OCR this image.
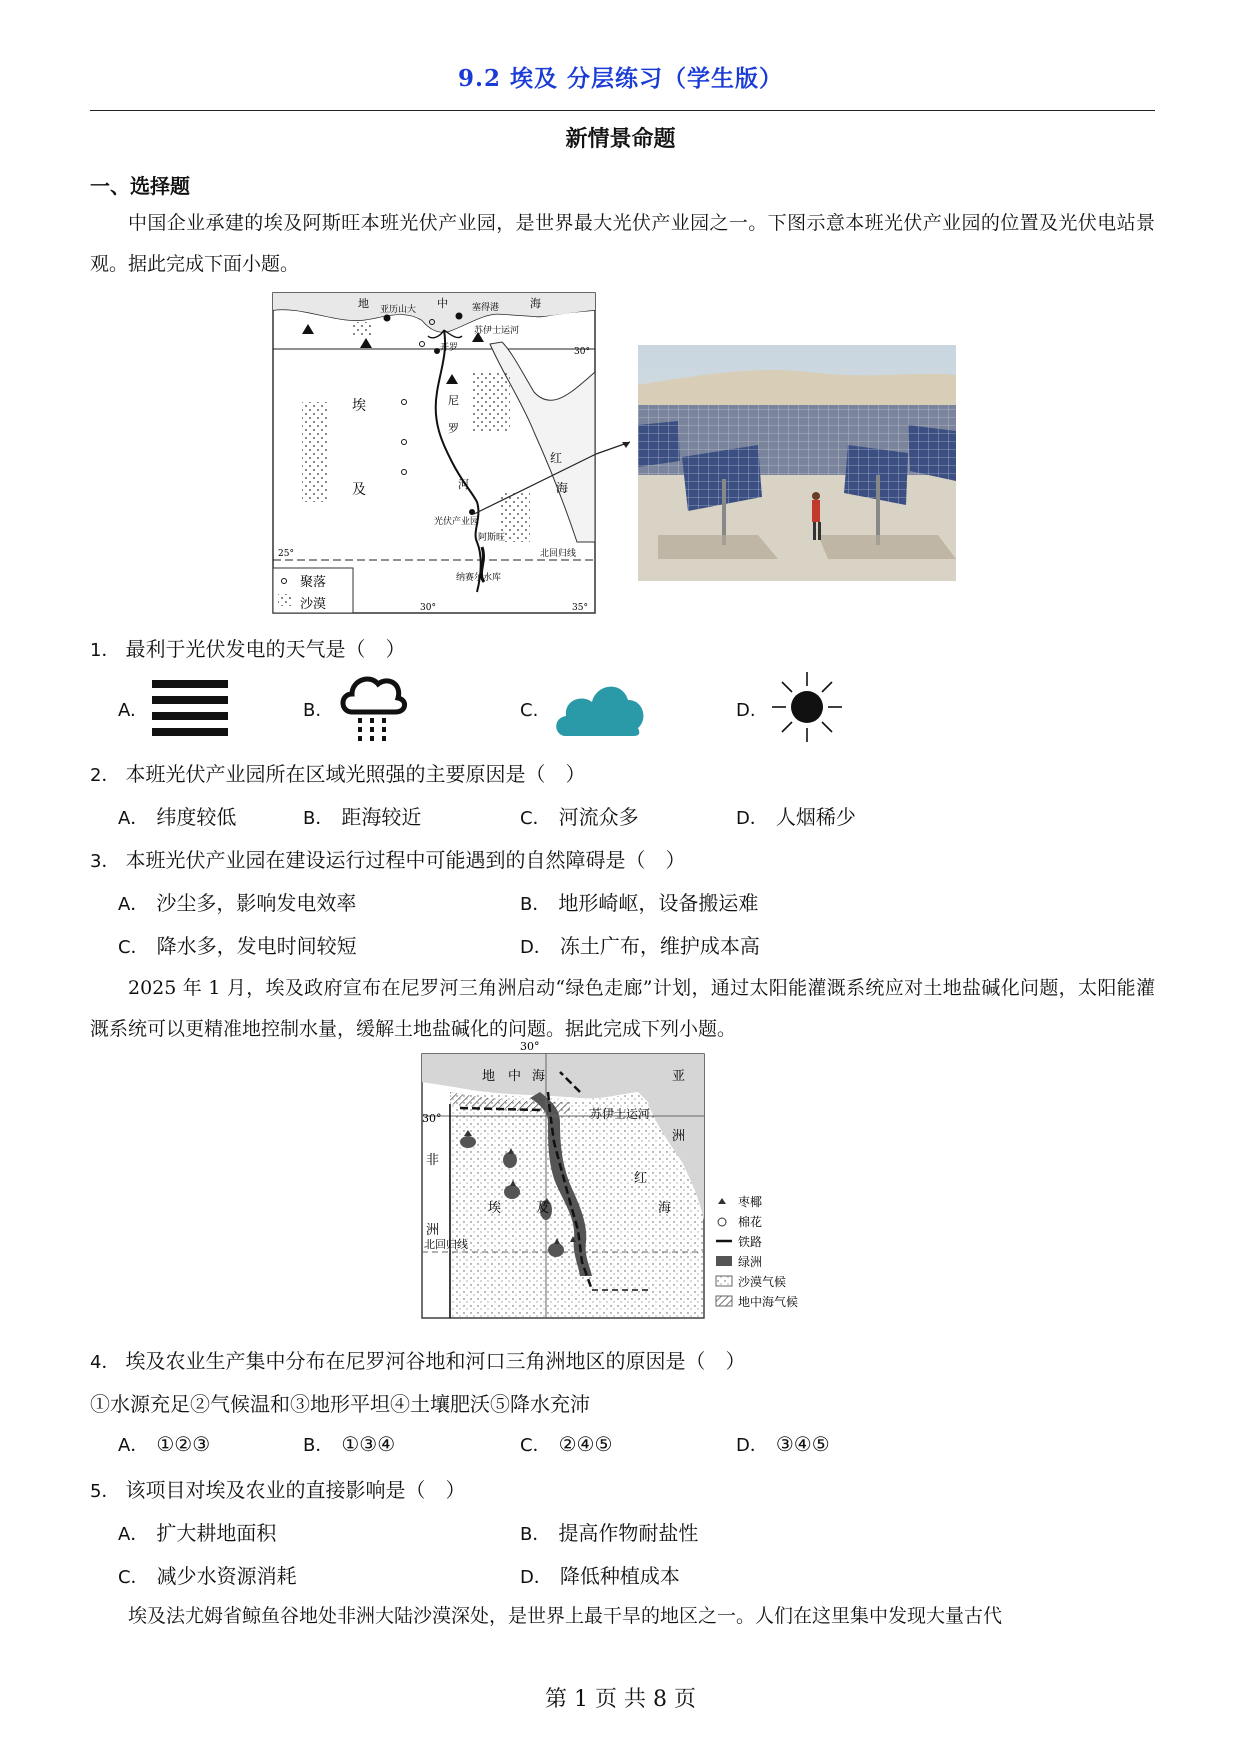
9.2 埃及 分层练习（学生版）
新情景命题
一、选择题
中国企业承建的埃及阿斯旺本班光伏产业园，是世界最大光伏产业园之一。下图示意本班光伏产业园的位置及光伏电站景观。据此完成下面小题。
地	中	海
亚历山大	塞得港
苏伊士运河
开罗	30°
埃
及
尼
罗
河
红
海
光伏产业园
阿斯旺
北回归线
纳赛尔水库
25°
30°	35°
聚落
沙漠
1． 最利于光伏发电的天气是（　）
A.	B.	C.	D.
2． 本班光伏产业园所在区域光照强的主要原因是（　）
A． 纬度较低	B． 距海较近	C． 河流众多	D． 人烟稀少
3． 本班光伏产业园在建设运行过程中可能遇到的自然障碍是（　）
A． 沙尘多，影响发电效率	B． 地形崎岖，设备搬运难
C． 降水多，发电时间较短	D． 冻土广布，维护成本高
2025 年 1 月，埃及政府宣布在尼罗河三角洲启动“绿色走廊”计划，通过太阳能灌溉系统应对土地盐碱化问题，太阳能灌溉系统可以更精准地控制水量，缓解土地盐碱化的问题。据此完成下列小题。
30°
地 中 海	亚
洲
苏伊士运河
30°
非
洲
埃	及
红
海
北回归线
枣椰
棉花
铁路
绿洲
沙漠气候
地中海气候
4． 埃及农业生产集中分布在尼罗河谷地和河口三角洲地区的原因是（　）
①水源充足②气候温和③地形平坦④土壤肥沃⑤降水充沛
A． ①②③	B． ①③④	C． ②④⑤	D． ③④⑤
5． 该项目对埃及农业的直接影响是（　）
A． 扩大耕地面积	B． 提高作物耐盐性
C． 减少水资源消耗	D． 降低种植成本
埃及法尤姆省鲸鱼谷地处非洲大陆沙漠深处，是世界上最干旱的地区之一。人们在这里集中发现大量古代
第 1 页 共 8 页
